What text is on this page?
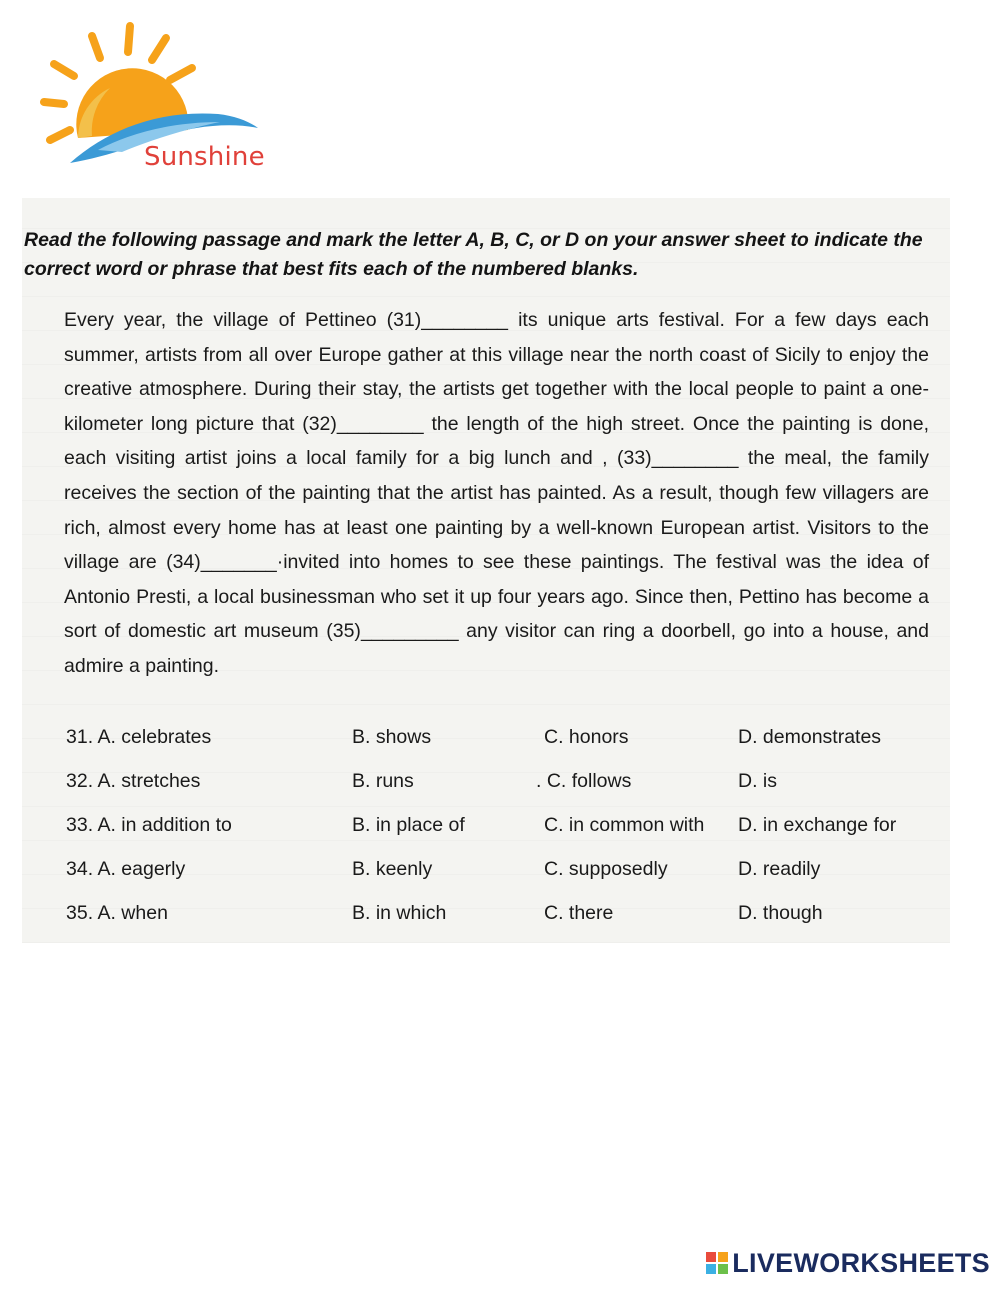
Sunshine
Read the following passage and mark the letter A, B, C, or D on your answer sheet to indicate the correct word or phrase that best fits each of the numbered blanks.
Every year, the village of Pettineo (31)________ its unique arts festival. For a few days each summer, artists from all over Europe gather at this village near the north coast of Sicily to enjoy the creative atmosphere. During their stay, the artists get together with the local people to paint a one-kilometer long picture that (32)________ the length of the high street. Once the painting is done, each visiting artist joins a local family for a big lunch and , (33)________ the meal, the family receives the section of the painting that the artist has painted. As a result, though few villagers are rich, almost every home has at least one painting by a well-known European artist. Visitors to the village are (34)_______·invited into homes to see these paintings. The festival was the idea of Antonio Presti, a local businessman who set it up four years ago. Since then, Pettino has become a sort of domestic art museum (35)_________ any visitor can ring a doorbell, go into a house, and admire a painting.
31. A. celebrates	B. shows	C. honors	D. demonstrates
32. A. stretches	B. runs	. C. follows	D. is
33. A. in addition to	B. in place of	C. in common with D. in exchange for
34. A. eagerly	B. keenly	C. supposedly	D. readily
35. A. when	B. in which	C. there	D. though
LIVEWORKSHEETS
